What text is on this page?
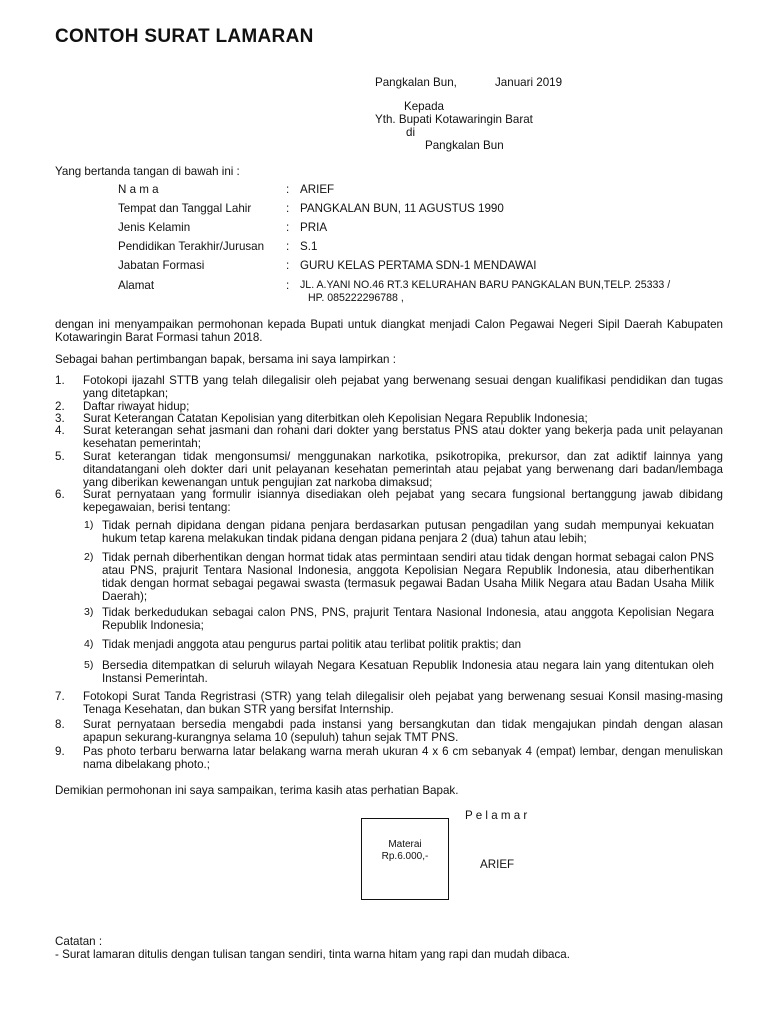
CONTOH SURAT LAMARAN
Pangkalan Bun,	Januari 2019
Kepada
Yth. Bupati Kotawaringin Barat
di
Pangkalan Bun
Yang bertanda tangan di bawah ini :
N a m a	: ARIEF
Tempat dan Tanggal Lahir	: PANGKALAN BUN, 11 AGUSTUS 1990
Jenis Kelamin	: PRIA
Pendidikan Terakhir/Jurusan : S.1
Jabatan Formasi	: GURU KELAS PERTAMA SDN-1 MENDAWAI
Alamat	: JL. A.YANI NO.46 RT.3 KELURAHAN BARU PANGKALAN BUN,TELP. 25333 /
HP. 085222296788 ,
dengan ini menyampaikan permohonan kepada Bupati untuk diangkat menjadi Calon Pegawai Negeri Sipil Daerah Kabupaten Kotawaringin Barat Formasi tahun 2018.
Sebagai bahan pertimbangan bapak, bersama ini saya lampirkan :
1. Fotokopi ijazahl STTB yang telah dilegalisir oleh pejabat yang berwenang sesuai dengan kualifikasi pendidikan dan tugas yang ditetapkan;
2. Daftar riwayat hidup;
3. Surat Keterangan Catatan Kepolisian yang diterbitkan oleh Kepolisian Negara Republik Indonesia;
4. Surat keterangan sehat jasmani dan rohani dari dokter yang berstatus PNS atau dokter yang bekerja pada unit pelayanan kesehatan pemerintah;
5. Surat keterangan tidak mengonsumsi/ menggunakan narkotika, psikotropika, prekursor, dan zat adiktif lainnya yang ditandatangani oleh dokter dari unit pelayanan kesehatan pemerintah atau pejabat yang berwenang dari badan/lembaga yang diberikan kewenangan untuk pengujian zat narkoba dimaksud;
6. Surat pernyataan yang formulir isiannya disediakan oleh pejabat yang secara fungsional bertanggung jawab dibidang kepegawaian, berisi tentang:
1) Tidak pernah dipidana dengan pidana penjara berdasarkan putusan pengadilan yang sudah mempunyai kekuatan hukum tetap karena melakukan tindak pidana dengan pidana penjara 2 (dua) tahun atau lebih;
2) Tidak pernah diberhentikan dengan hormat tidak atas permintaan sendiri atau tidak dengan hormat sebagai calon PNS atau PNS, prajurit Tentara Nasional Indonesia, anggota Kepolisian Negara Republik Indonesia, atau diberhentikan tidak dengan hormat sebagai pegawai swasta (termasuk pegawai Badan Usaha Milik Negara atau Badan Usaha Milik Daerah);
3) Tidak berkedudukan sebagai calon PNS, PNS, prajurit Tentara Nasional Indonesia, atau anggota Kepolisian Negara Republik Indonesia;
4) Tidak menjadi anggota atau pengurus partai politik atau terlibat politik praktis; dan
5) Bersedia ditempatkan di seluruh wilayah Negara Kesatuan Republik Indonesia atau negara lain yang ditentukan oleh Instansi Pemerintah.
7. Fotokopi Surat Tanda Regristrasi (STR) yang telah dilegalisir oleh pejabat yang berwenang sesuai Konsil masing-masing Tenaga Kesehatan, dan bukan STR yang bersifat Internship.
8. Surat pernyataan bersedia mengabdi pada instansi yang bersangkutan dan tidak mengajukan pindah dengan alasan apapun sekurang-kurangnya selama 10 (sepuluh) tahun sejak TMT PNS.
9. Pas photo terbaru berwarna latar belakang warna merah ukuran 4 x 6 cm sebanyak 4 (empat) lembar, dengan menuliskan nama dibelakang photo.;
Demikian permohonan ini saya sampaikan, terima kasih atas perhatian Bapak.
P e l a m a r
Materai
Rp.6.000,-
ARIEF
Catatan :
- Surat lamaran ditulis dengan tulisan tangan sendiri, tinta warna hitam yang rapi dan mudah dibaca.
